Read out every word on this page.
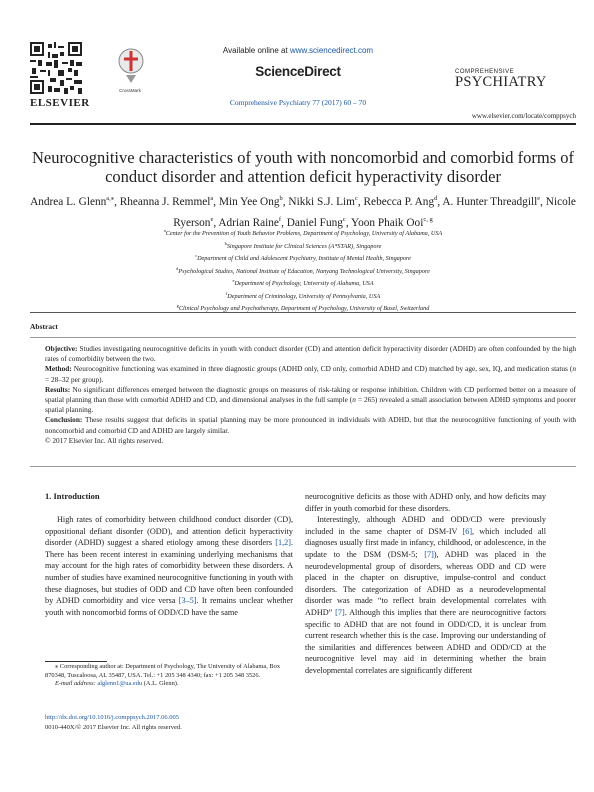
ELSEVIER
CrossMark
Available online at www.sciencedirect.com
ScienceDirect
Comprehensive Psychiatry 77 (2017) 60 – 70
COMPREHENSIVE
PSYCHIATRY
www.elsevier.com/locate/comppsych
Neurocognitive characteristics of youth with noncomorbid and comorbid forms of conduct disorder and attention deficit hyperactivity disorder
Andrea L. Glenn$^{a,⁎}$, Rheanna J. Remmel$^a$, Min Yee Ong$^b$, Nikki S.J. Lim$^c$, Rebecca P. Ang$^d$, A. Hunter Threadgill$^e$, Nicole Ryerson$^e$, Adrian Raine$^f$, Daniel Fung$^c$, Yoon Phaik Ooi$^{c, g}$
$^a$Center for the Prevention of Youth Behavior Problems, Department of Psychology, University of Alabama, USA
$^b$Singapore Institute for Clinical Sciences (A*STAR), Singapore
$^c$Department of Child and Adolescent Psychiatry, Institute of Mental Health, Singapore
$^d$Psychological Studies, National Institute of Education, Nanyang Technological University, Singapore
$^e$Department of Psychology, University of Alabama, USA
$^f$Department of Criminology, University of Pennsylvania, USA
$^g$Clinical Psychology and Psychotherapy, Department of Psychology, University of Basel, Switzerland
Abstract

Objective: Studies investigating neurocognitive deficits in youth with conduct disorder (CD) and attention deficit hyperactivity disorder (ADHD) are often confounded by the high rates of comorbidity between the two.

Method: Neurocognitive functioning was examined in three diagnostic groups (ADHD only, CD only, comorbid ADHD and CD) matched by age, sex, IQ, and medication status (n = 28–32 per group).

Results: No significant differences emerged between the diagnostic groups on measures of risk-taking or response inhibition. Children with CD performed better on a measure of spatial planning than those with comorbid ADHD and CD, and dimensional analyses in the full sample (n = 265) revealed a small association between ADHD symptoms and poorer spatial planning.

Conclusion: These results suggest that deficits in spatial planning may be more pronounced in individuals with ADHD, but that the neurocognitive functioning of youth with noncomorbid and comorbid CD and ADHD are largely similar.

© 2017 Elsevier Inc. All rights reserved.

1. Introduction

High rates of comorbidity between childhood conduct disorder (CD), oppositional defiant disorder (ODD), and attention deficit hyperactivity disorder (ADHD) suggest a shared etiology among these disorders [1,2]. There has been recent interest in examining underlying mechanisms that may account for the high rates of comorbidity between these disorders. A number of studies have examined neurocognitive functioning in youth with these diagnoses, but studies of ODD and CD have often been confounded by ADHD comorbidity and vice versa [3–5]. It remains unclear whether youth with noncomorbid forms of ODD/CD have the same

neurocognitive deficits as those with ADHD only, and how deficits may differ in youth comorbid for these disorders.

Interestingly, although ADHD and ODD/CD were previously included in the same chapter of DSM-IV [6], which included all diagnoses usually first made in infancy, childhood, or adolescence, in the update to the DSM (DSM-5; [7]), ADHD was placed in the neurodevelopmental group of disorders, whereas ODD and CD were placed in the chapter on disruptive, impulse-control and conduct disorders. The categorization of ADHD as a neurodevelopmental disorder was made “to reflect brain developmental correlates with ADHD” [7]. Although this implies that there are neurocognitive factors specific to ADHD that are not found in ODD/CD, it is unclear from current research whether this is the case. Improving our understanding of the similarities and differences between ADHD and ODD/CD at the neurocognitive level may aid in determining whether the brain developmental correlates are significantly different

⁎ Corresponding author at: Department of Psychology, The University of Alabama, Box 870348, Tuscaloosa, AL 35487, USA. Tel.: +1 205 348 4340; fax: +1 205 348 3526.
E-mail address: alglenn1@ua.edu (A.L. Glenn).
http://dx.doi.org/10.1016/j.comppsych.2017.06.005
0010-440X/© 2017 Elsevier Inc. All rights reserved.
